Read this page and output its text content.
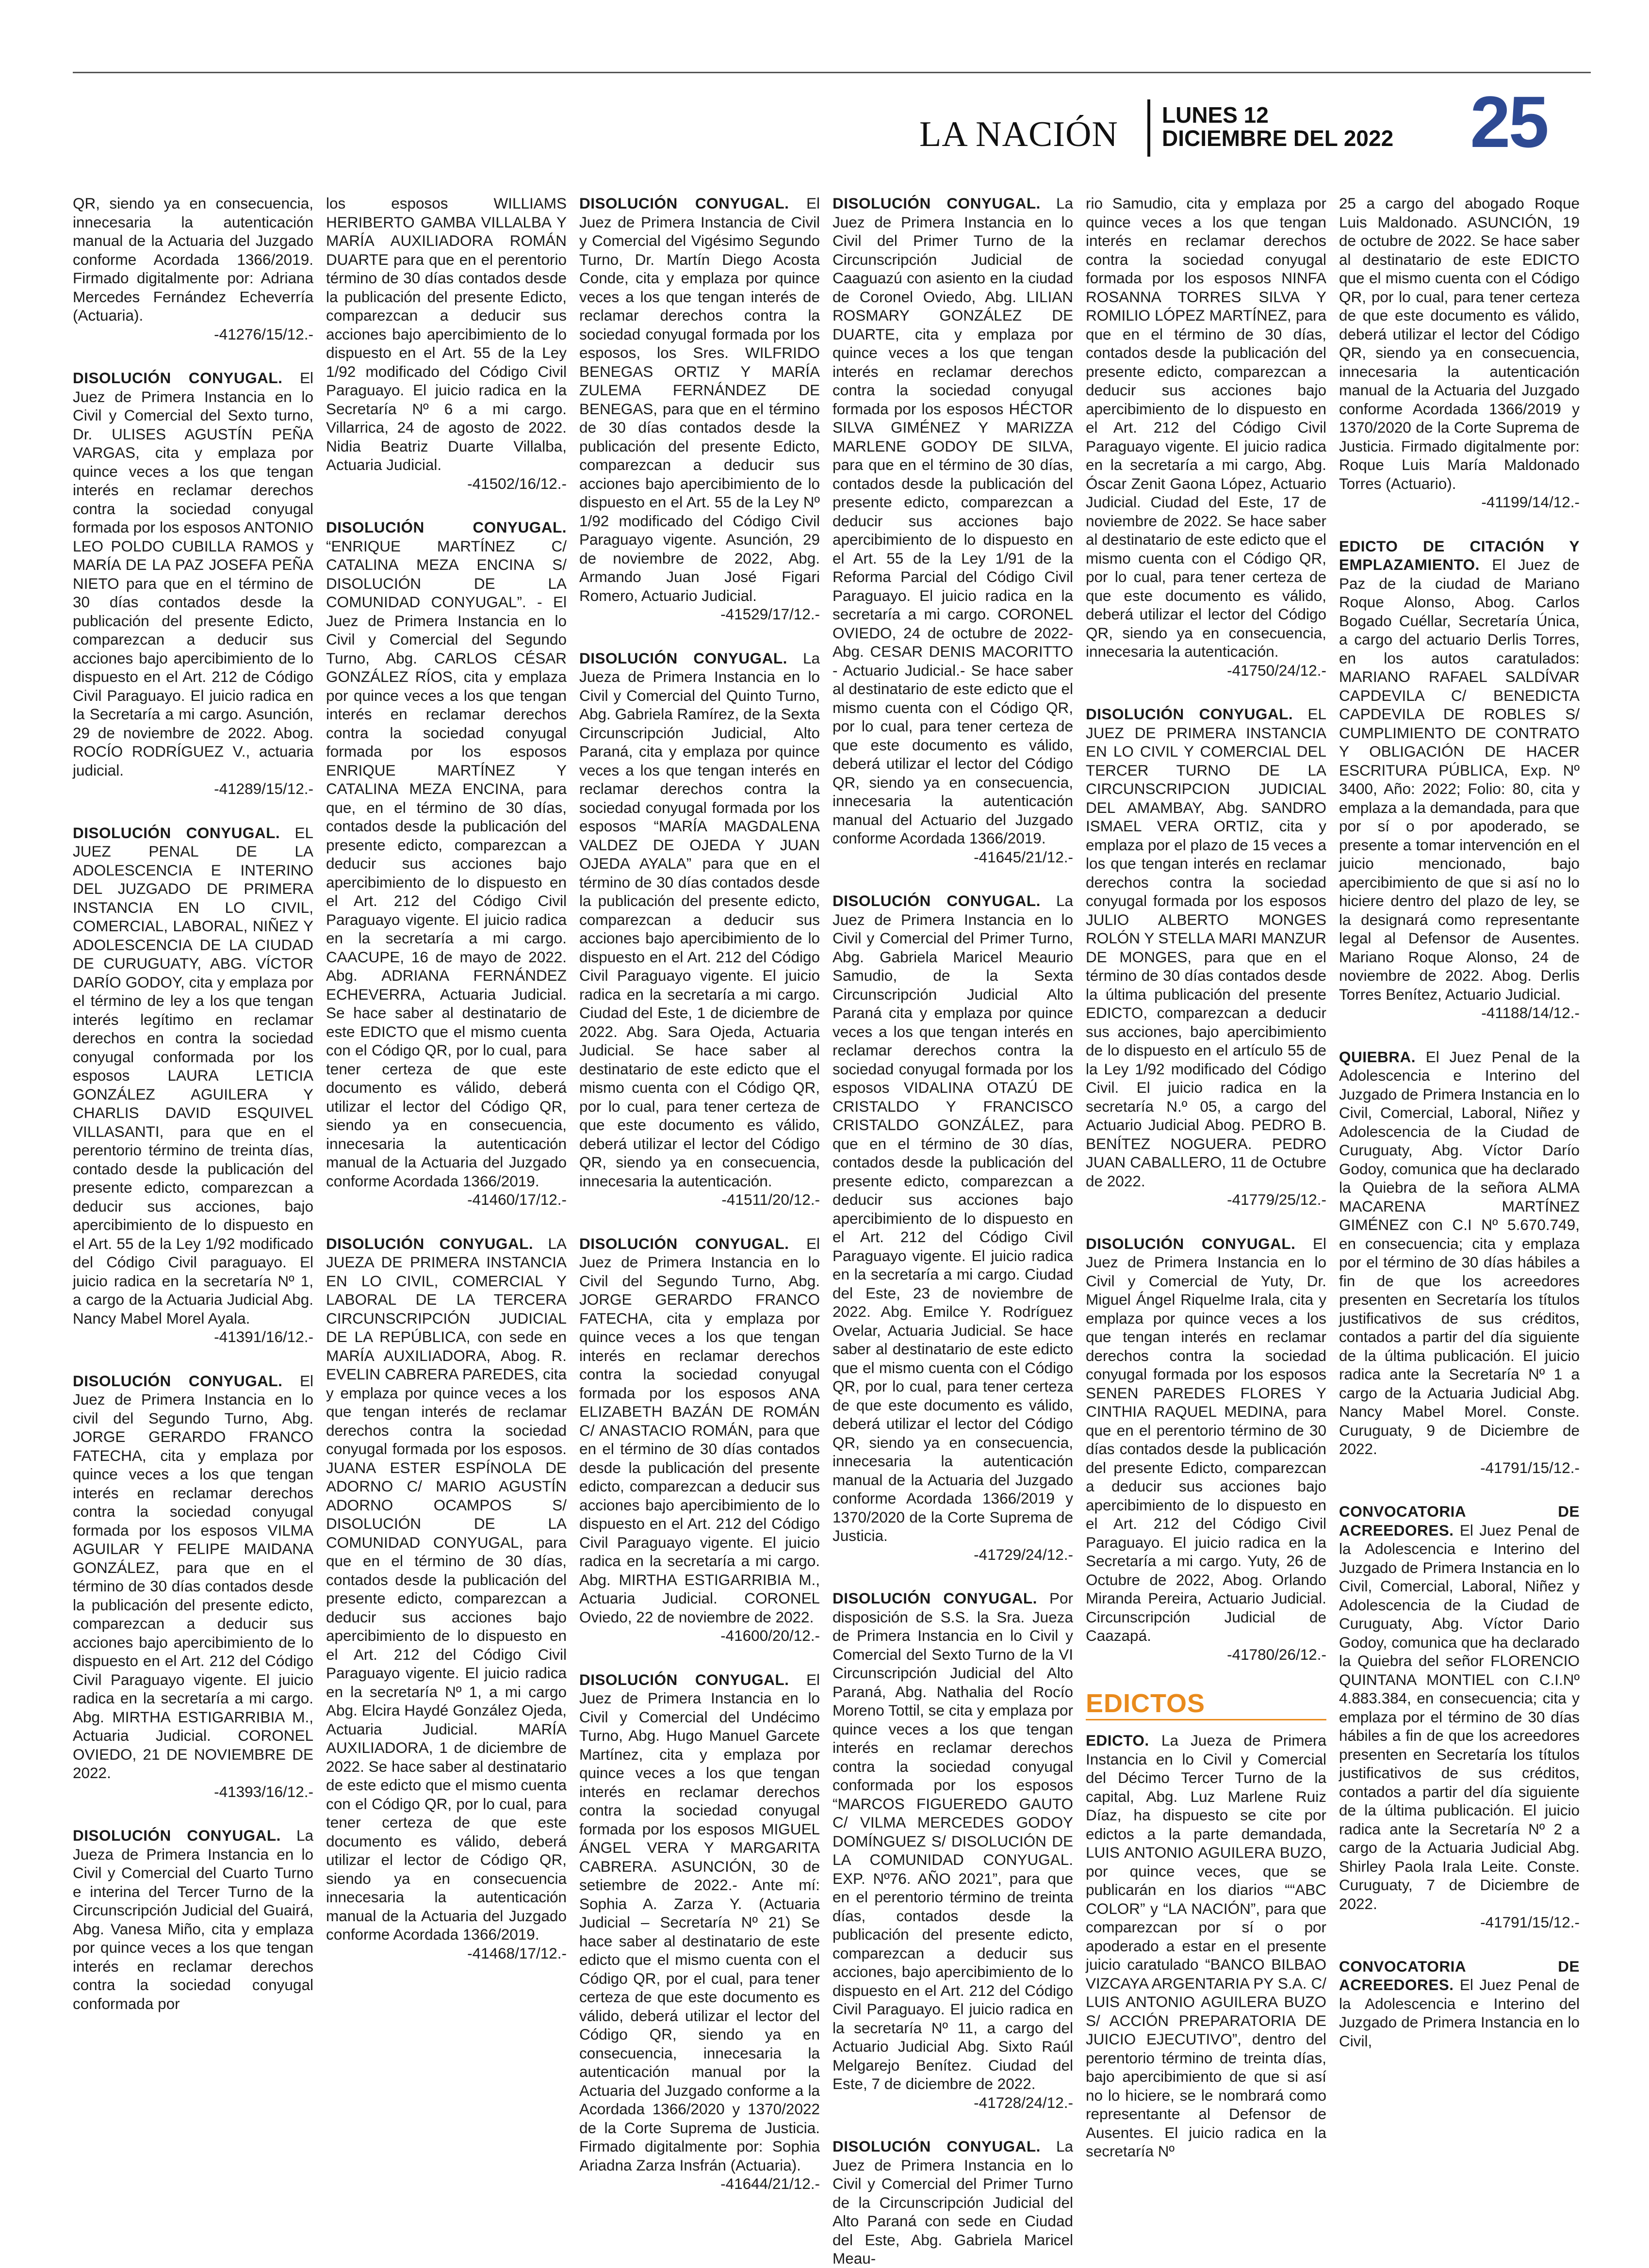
LA NACIÓN LUNES 12
DICIEMBRE DEL 2022 25

QR, siendo ya en consecuencia, innecesaria la autenticación manual de la Actuaria del Juzgado conforme Acordada 1366/2019. Firmado digitalmente por: Adriana Mercedes Fernández Echeverría (Actuaria).

-41276/15/12.-

DISOLUCIÓN CONYUGAL. El Juez de Primera Instancia en lo Civil y Comercial del Sexto turno, Dr. ULISES AGUSTÍN PEÑA VARGAS, cita y emplaza por quince veces a los que tengan interés en reclamar derechos contra la sociedad conyugal formada por los esposos ANTONIO LEO POLDO CUBILLA RAMOS y MARÍA DE LA PAZ JOSEFA PEÑA NIETO para que en el término de 30 días contados desde la publicación del presente Edicto, comparezcan a deducir sus acciones bajo apercibimiento de lo dispuesto en el Art. 212 de Código Civil Paraguayo. El juicio radica en la Secretaría a mi cargo. Asunción, 29 de noviembre de 2022. Abog. ROCÍO RODRÍGUEZ V., actuaria judicial.

-41289/15/12.-

DISOLUCIÓN CONYUGAL. EL JUEZ PENAL DE LA ADOLESCENCIA E INTERINO DEL JUZGADO DE PRIMERA INSTANCIA EN LO CIVIL, COMERCIAL, LABORAL, NIÑEZ Y ADOLESCENCIA DE LA CIUDAD DE CURUGUATY, ABG. VÍCTOR DARÍO GODOY, cita y emplaza por el término de ley a los que tengan interés legítimo en reclamar derechos en contra la sociedad conyugal conformada por los esposos LAURA LETICIA GONZÁLEZ AGUILERA Y CHARLIS DAVID ESQUIVEL VILLASANTI, para que en el perentorio término de treinta días, contado desde la publicación del presente edicto, comparezcan a deducir sus acciones, bajo apercibimiento de lo dispuesto en el Art. 55 de la Ley 1/92 modificado del Código Civil paraguayo. El juicio radica en la secretaría Nº 1, a cargo de la Actuaria Judicial Abg. Nancy Mabel Morel Ayala.

-41391/16/12.-

DISOLUCIÓN CONYUGAL. El Juez de Primera Instancia en lo civil del Segundo Turno, Abg. JORGE GERARDO FRANCO FATECHA, cita y emplaza por quince veces a los que tengan interés en reclamar derechos contra la sociedad conyugal formada por los esposos VILMA AGUILAR Y FELIPE MAIDANA GONZÁLEZ, para que en el término de 30 días contados desde la publicación del presente edicto, comparezcan a deducir sus acciones bajo apercibimiento de lo dispuesto en el Art. 212 del Código Civil Paraguayo vigente. El juicio radica en la secretaría a mi cargo. Abg. MIRTHA ESTIGARRIBIA M., Actuaria Judicial. CORONEL OVIEDO, 21 DE NOVIEMBRE DE 2022.

-41393/16/12.-

DISOLUCIÓN CONYUGAL. La Jueza de Primera Instancia en lo Civil y Comercial del Cuarto Turno e interina del Tercer Turno de la Circunscripción Judicial del Guairá, Abg. Vanesa Miño, cita y emplaza por quince veces a los que tengan interés en reclamar derechos contra la sociedad conyugal conformada por

los esposos WILLIAMS HERIBERTO GAMBA VILLALBA Y MARÍA AUXILIADORA ROMÁN DUARTE para que en el perentorio término de 30 días contados desde la publicación del presente Edicto, comparezcan a deducir sus acciones bajo apercibimiento de lo dispuesto en el Art. 55 de la Ley 1/92 modificado del Código Civil Paraguayo. El juicio radica en la Secretaría Nº 6 a mi cargo. Villarrica, 24 de agosto de 2022. Nidia Beatriz Duarte Villalba, Actuaria Judicial.

-41502/16/12.-

DISOLUCIÓN CONYUGAL. “ENRIQUE MARTÍNEZ C/ CATALINA MEZA ENCINA S/ DISOLUCIÓN DE LA COMUNIDAD CONYUGAL”. - El Juez de Primera Instancia en lo Civil y Comercial del Segundo Turno, Abg. CARLOS CÉSAR GONZÁLEZ RÍOS, cita y emplaza por quince veces a los que tengan interés en reclamar derechos contra la sociedad conyugal formada por los esposos ENRIQUE MARTÍNEZ Y CATALINA MEZA ENCINA, para que, en el término de 30 días, contados desde la publicación del presente edicto, comparezcan a deducir sus acciones bajo apercibimiento de lo dispuesto en el Art. 212 del Código Civil Paraguayo vigente. El juicio radica en la secretaría a mi cargo. CAACUPE, 16 de mayo de 2022. Abg. ADRIANA FERNÁNDEZ ECHEVERRA, Actuaria Judicial. Se hace saber al destinatario de este EDICTO que el mismo cuenta con el Código QR, por lo cual, para tener certeza de que este documento es válido, deberá utilizar el lector del Código QR, siendo ya en consecuencia, innecesaria la autenticación manual de la Actuaria del Juzgado conforme Acordada 1366/2019.

-41460/17/12.-

DISOLUCIÓN CONYUGAL. LA JUEZA DE PRIMERA INSTANCIA EN LO CIVIL, COMERCIAL Y LABORAL DE LA TERCERA CIRCUNSCRIPCIÓN JUDICIAL DE LA REPÚBLICA, con sede en MARÍA AUXILIADORA, Abog. R. EVELIN CABRERA PAREDES, cita y emplaza por quince veces a los que tengan interés de reclamar derechos contra la sociedad conyugal formada por los esposos. JUANA ESTER ESPÍNOLA DE ADORNO C/ MARIO AGUSTÍN ADORNO OCAMPOS S/ DISOLUCIÓN DE LA COMUNIDAD CONYUGAL, para que en el término de 30 días, contados desde la publicación del presente edicto, comparezcan a deducir sus acciones bajo apercibimiento de lo dispuesto en el Art. 212 del Código Civil Paraguayo vigente. El juicio radica en la secretaría Nº 1, a mi cargo Abg. Elcira Haydé González Ojeda, Actuaria Judicial. MARÍA AUXILIADORA, 1 de diciembre de 2022. Se hace saber al destinatario de este edicto que el mismo cuenta con el Código QR, por lo cual, para tener certeza de que este documento es válido, deberá utilizar el lector de Código QR, siendo ya en consecuencia innecesaria la autenticación manual de la Actuaria del Juzgado conforme Acordada 1366/2019.

-41468/17/12.-

DISOLUCIÓN CONYUGAL. El Juez de Primera Instancia de Civil y Comercial del Vigésimo Segundo Turno, Dr. Martín Diego Acosta Conde, cita y emplaza por quince veces a los que tengan interés de reclamar derechos contra la sociedad conyugal formada por los esposos, los Sres. WILFRIDO BENEGAS ORTIZ Y MARÍA ZULEMA FERNÁNDEZ DE BENEGAS, para que en el término de 30 días contados desde la publicación del presente Edicto, comparezcan a deducir sus acciones bajo apercibimiento de lo dispuesto en el Art. 55 de la Ley Nº 1/92 modificado del Código Civil Paraguayo vigente. Asunción, 29 de noviembre de 2022, Abg. Armando Juan José Figari Romero, Actuario Judicial.

-41529/17/12.-

DISOLUCIÓN CONYUGAL. La Jueza de Primera Instancia en lo Civil y Comercial del Quinto Turno, Abg. Gabriela Ramírez, de la Sexta Circunscripción Judicial, Alto Paraná, cita y emplaza por quince veces a los que tengan interés en reclamar derechos contra la sociedad conyugal formada por los esposos “MARÍA MAGDALENA VALDEZ DE OJEDA Y JUAN OJEDA AYALA” para que en el término de 30 días contados desde la publicación del presente edicto, comparezcan a deducir sus acciones bajo apercibimiento de lo dispuesto en el Art. 212 del Código Civil Paraguayo vigente. El juicio radica en la secretaría a mi cargo. Ciudad del Este, 1 de diciembre de 2022. Abg. Sara Ojeda, Actuaria Judicial. Se hace saber al destinatario de este edicto que el mismo cuenta con el Código QR, por lo cual, para tener certeza de que este documento es válido, deberá utilizar el lector del Código QR, siendo ya en consecuencia, innecesaria la autenticación.

-41511/20/12.-

DISOLUCIÓN CONYUGAL. El Juez de Primera Instancia en lo Civil del Segundo Turno, Abg. JORGE GERARDO FRANCO FATECHA, cita y emplaza por quince veces a los que tengan interés en reclamar derechos contra la sociedad conyugal formada por los esposos ANA ELIZABETH BAZÁN DE ROMÁN C/ ANASTACIO ROMÁN, para que en el término de 30 días contados desde la publicación del presente edicto, comparezcan a deducir sus acciones bajo apercibimiento de lo dispuesto en el Art. 212 del Código Civil Paraguayo vigente. El juicio radica en la secretaría a mi cargo. Abg. MIRTHA ESTIGARRIBIA M., Actuaria Judicial. CORONEL Oviedo, 22 de noviembre de 2022.

-41600/20/12.-

DISOLUCIÓN CONYUGAL. El Juez de Primera Instancia en lo Civil y Comercial del Undécimo Turno, Abg. Hugo Manuel Garcete Martínez, cita y emplaza por quince veces a los que tengan interés en reclamar derechos contra la sociedad conyugal formada por los esposos MIGUEL ÁNGEL VERA Y MARGARITA CABRERA. ASUNCIÓN, 30 de setiembre de 2022.- Ante mí: Sophia A. Zarza Y. (Actuaria Judicial – Secretaría Nº 21) Se hace saber al destinatario de este edicto que el mismo cuenta con el Código QR, por el cual, para tener certeza de que este documento es válido, deberá utilizar el lector del Código QR, siendo ya en consecuencia, innecesaria la autenticación manual por la Actuaria del Juzgado conforme a la Acordada 1366/2020 y 1370/2022 de la Corte Suprema de Justicia. Firmado digitalmente por: Sophia Ariadna Zarza Insfrán (Actuaria).

-41644/21/12.-

DISOLUCIÓN CONYUGAL. La Juez de Primera Instancia en lo Civil del Primer Turno de la Circunscripción Judicial de Caaguazú con asiento en la ciudad de Coronel Oviedo, Abg. LILIAN ROSMARY GONZÁLEZ DE DUARTE, cita y emplaza por quince veces a los que tengan interés en reclamar derechos contra la sociedad conyugal formada por los esposos HÉCTOR SILVA GIMÉNEZ Y MARIZZA MARLENE GODOY DE SILVA, para que en el término de 30 días, contados desde la publicación del presente edicto, comparezcan a deducir sus acciones bajo apercibimiento de lo dispuesto en el Art. 55 de la Ley 1/91 de la Reforma Parcial del Código Civil Paraguayo. El juicio radica en la secretaría a mi cargo. CORONEL OVIEDO, 24 de octubre de 2022- Abg. CESAR DENIS MACORITTO - Actuario Judicial.- Se hace saber al destinatario de este edicto que el mismo cuenta con el Código QR, por lo cual, para tener certeza de que este documento es válido, deberá utilizar el lector del Código QR, siendo ya en consecuencia, innecesaria la autenticación manual del Actuario del Juzgado conforme Acordada 1366/2019.

-41645/21/12.-

DISOLUCIÓN CONYUGAL. La Juez de Primera Instancia en lo Civil y Comercial del Primer Turno, Abg. Gabriela Maricel Meaurio Samudio, de la Sexta Circunscripción Judicial Alto Paraná cita y emplaza por quince veces a los que tengan interés en reclamar derechos contra la sociedad conyugal formada por los esposos VIDALINA OTAZÚ DE CRISTALDO Y FRANCISCO CRISTALDO GONZÁLEZ, para que en el término de 30 días, contados desde la publicación del presente edicto, comparezcan a deducir sus acciones bajo apercibimiento de lo dispuesto en el Art. 212 del Código Civil Paraguayo vigente. El juicio radica en la secretaría a mi cargo. Ciudad del Este, 23 de noviembre de 2022. Abg. Emilce Y. Rodríguez Ovelar, Actuaria Judicial. Se hace saber al destinatario de este edicto que el mismo cuenta con el Código QR, por lo cual, para tener certeza de que este documento es válido, deberá utilizar el lector del Código QR, siendo ya en consecuencia, innecesaria la autenticación manual de la Actuaria del Juzgado conforme Acordada 1366/2019 y 1370/2020 de la Corte Suprema de Justicia.

-41729/24/12.-

DISOLUCIÓN CONYUGAL. Por disposición de S.S. la Sra. Jueza de Primera Instancia en lo Civil y Comercial del Sexto Turno de la VI Circunscripción Judicial del Alto Paraná, Abg. Nathalia del Rocío Moreno Tottil, se cita y emplaza por quince veces a los que tengan interés en reclamar derechos contra la sociedad conyugal conformada por los esposos “MARCOS FIGUEREDO GAUTO C/ VILMA MERCEDES GODOY DOMÍNGUEZ S/ DISOLUCIÓN DE LA COMUNIDAD CONYUGAL. EXP. Nº76. AÑO 2021”, para que en el perentorio término de treinta días, contados desde la publicación del presente edicto, comparezcan a deducir sus acciones, bajo apercibimiento de lo dispuesto en el Art. 212 del Código Civil Paraguayo. El juicio radica en la secretaría Nº 11, a cargo del Actuario Judicial Abg. Sixto Raúl Melgarejo Benítez. Ciudad del Este, 7 de diciembre de 2022.

-41728/24/12.-

DISOLUCIÓN CONYUGAL. La Juez de Primera Instancia en lo Civil y Comercial del Primer Turno de la Circunscripción Judicial del Alto Paraná con sede en Ciudad del Este, Abg. Gabriela Maricel Meau-

rio Samudio, cita y emplaza por quince veces a los que tengan interés en reclamar derechos contra la sociedad conyugal formada por los esposos NINFA ROSANNA TORRES SILVA Y ROMILIO LÓPEZ MARTÍNEZ, para que en el término de 30 días, contados desde la publicación del presente edicto, comparezcan a deducir sus acciones bajo apercibimiento de lo dispuesto en el Art. 212 del Código Civil Paraguayo vigente. El juicio radica en la secretaría a mi cargo, Abg. Óscar Zenit Gaona López, Actuario Judicial. Ciudad del Este, 17 de noviembre de 2022. Se hace saber al destinatario de este edicto que el mismo cuenta con el Código QR, por lo cual, para tener certeza de que este documento es válido, deberá utilizar el lector del Código QR, siendo ya en consecuencia, innecesaria la autenticación.

-41750/24/12.-

DISOLUCIÓN CONYUGAL. EL JUEZ DE PRIMERA INSTANCIA EN LO CIVIL Y COMERCIAL DEL TERCER TURNO DE LA CIRCUNSCRIPCION JUDICIAL DEL AMAMBAY, Abg. SANDRO ISMAEL VERA ORTIZ, cita y emplaza por el plazo de 15 veces a los que tengan interés en reclamar derechos contra la sociedad conyugal formada por los esposos JULIO ALBERTO MONGES ROLÓN Y STELLA MARI MANZUR DE MONGES, para que en el término de 30 días contados desde la última publicación del presente EDICTO, comparezcan a deducir sus acciones, bajo apercibimiento de lo dispuesto en el artículo 55 de la Ley 1/92 modificado del Código Civil. El juicio radica en la secretaría N.º 05, a cargo del Actuario Judicial Abog. PEDRO B. BENÍTEZ NOGUERA. PEDRO JUAN CABALLERO, 11 de Octubre de 2022.

-41779/25/12.-

DISOLUCIÓN CONYUGAL. El Juez de Primera Instancia en lo Civil y Comercial de Yuty, Dr. Miguel Ángel Riquelme Irala, cita y emplaza por quince veces a los que tengan interés en reclamar derechos contra la sociedad conyugal formada por los esposos SENEN PAREDES FLORES Y CINTHIA RAQUEL MEDINA, para que en el perentorio término de 30 días contados desde la publicación del presente Edicto, comparezcan a deducir sus acciones bajo apercibimiento de lo dispuesto en el Art. 212 del Código Civil Paraguayo. El juicio radica en la Secretaría a mi cargo. Yuty, 26 de Octubre de 2022, Abog. Orlando Miranda Pereira, Actuario Judicial. Circunscripción Judicial de Caazapá.

-41780/26/12.-
EDICTOS

EDICTO. La Jueza de Primera Instancia en lo Civil y Comercial del Décimo Tercer Turno de la capital, Abg. Luz Marlene Ruiz Díaz, ha dispuesto se cite por edictos a la parte demandada, LUIS ANTONIO AGUILERA BUZO, por quince veces, que se publicarán en los diarios ““ABC COLOR” y “LA NACIÓN”, para que comparezcan por sí o por apoderado a estar en el presente juicio caratulado “BANCO BILBAO VIZCAYA ARGENTARIA PY S.A. C/ LUIS ANTONIO AGUILERA BUZO S/ ACCIÓN PREPARATORIA DE JUICIO EJECUTIVO”, dentro del perentorio término de treinta días, bajo apercibimiento de que si así no lo hiciere, se le nombrará como representante al Defensor de Ausentes. El juicio radica en la secretaría Nº

25 a cargo del abogado Roque Luis Maldonado. ASUNCIÓN, 19 de octubre de 2022. Se hace saber al destinatario de este EDICTO que el mismo cuenta con el Código QR, por lo cual, para tener certeza de que este documento es válido, deberá utilizar el lector del Código QR, siendo ya en consecuencia, innecesaria la autenticación manual de la Actuaria del Juzgado conforme Acordada 1366/2019 y 1370/2020 de la Corte Suprema de Justicia. Firmado digitalmente por: Roque Luis María Maldonado Torres (Actuario).

-41199/14/12.-

EDICTO DE CITACIÓN Y EMPLAZAMIENTO. El Juez de Paz de la ciudad de Mariano Roque Alonso, Abog. Carlos Bogado Cuéllar, Secretaría Única, a cargo del actuario Derlis Torres, en los autos caratulados: MARIANO RAFAEL SALDÍVAR CAPDEVILA C/ BENEDICTA CAPDEVILA DE ROBLES S/ CUMPLIMIENTO DE CONTRATO Y OBLIGACIÓN DE HACER ESCRITURA PÚBLICA, Exp. Nº 3400, Año: 2022; Folio: 80, cita y emplaza a la demandada, para que por sí o por apoderado, se presente a tomar intervención en el juicio mencionado, bajo apercibimiento de que si así no lo hiciere dentro del plazo de ley, se la designará como representante legal al Defensor de Ausentes. Mariano Roque Alonso, 24 de noviembre de 2022. Abog. Derlis Torres Benítez, Actuario Judicial.

-41188/14/12.-

QUIEBRA. El Juez Penal de la Adolescencia e Interino del Juzgado de Primera Instancia en lo Civil, Comercial, Laboral, Niñez y Adolescencia de la Ciudad de Curuguaty, Abg. Víctor Darío Godoy, comunica que ha declarado la Quiebra de la señora ALMA MACARENA MARTÍNEZ GIMÉNEZ con C.I Nº 5.670.749, en consecuencia; cita y emplaza por el término de 30 días hábiles a fin de que los acreedores presenten en Secretaría los títulos justificativos de sus créditos, contados a partir del día siguiente de la última publicación. El juicio radica ante la Secretaría Nº 1 a cargo de la Actuaria Judicial Abg. Nancy Mabel Morel. Conste. Curuguaty, 9 de Diciembre de 2022.

-41791/15/12.-

CONVOCATORIA DE ACREEDORES. El Juez Penal de la Adolescencia e Interino del Juzgado de Primera Instancia en lo Civil, Comercial, Laboral, Niñez y Adolescencia de la Ciudad de Curuguaty, Abg. Víctor Dario Godoy, comunica que ha declarado la Quiebra del señor FLORENCIO QUINTANA MONTIEL con C.I.Nº 4.883.384, en consecuencia; cita y emplaza por el término de 30 días hábiles a fin de que los acreedores presenten en Secretaría los títulos justificativos de sus créditos, contados a partir del día siguiente de la última publicación. El juicio radica ante la Secretaría Nº 2 a cargo de la Actuaria Judicial Abg. Shirley Paola Irala Leite. Conste. Curuguaty, 7 de Diciembre de 2022.

-41791/15/12.-

CONVOCATORIA DE ACREEDORES. El Juez Penal de la Adolescencia e Interino del Juzgado de Primera Instancia en lo Civil,
